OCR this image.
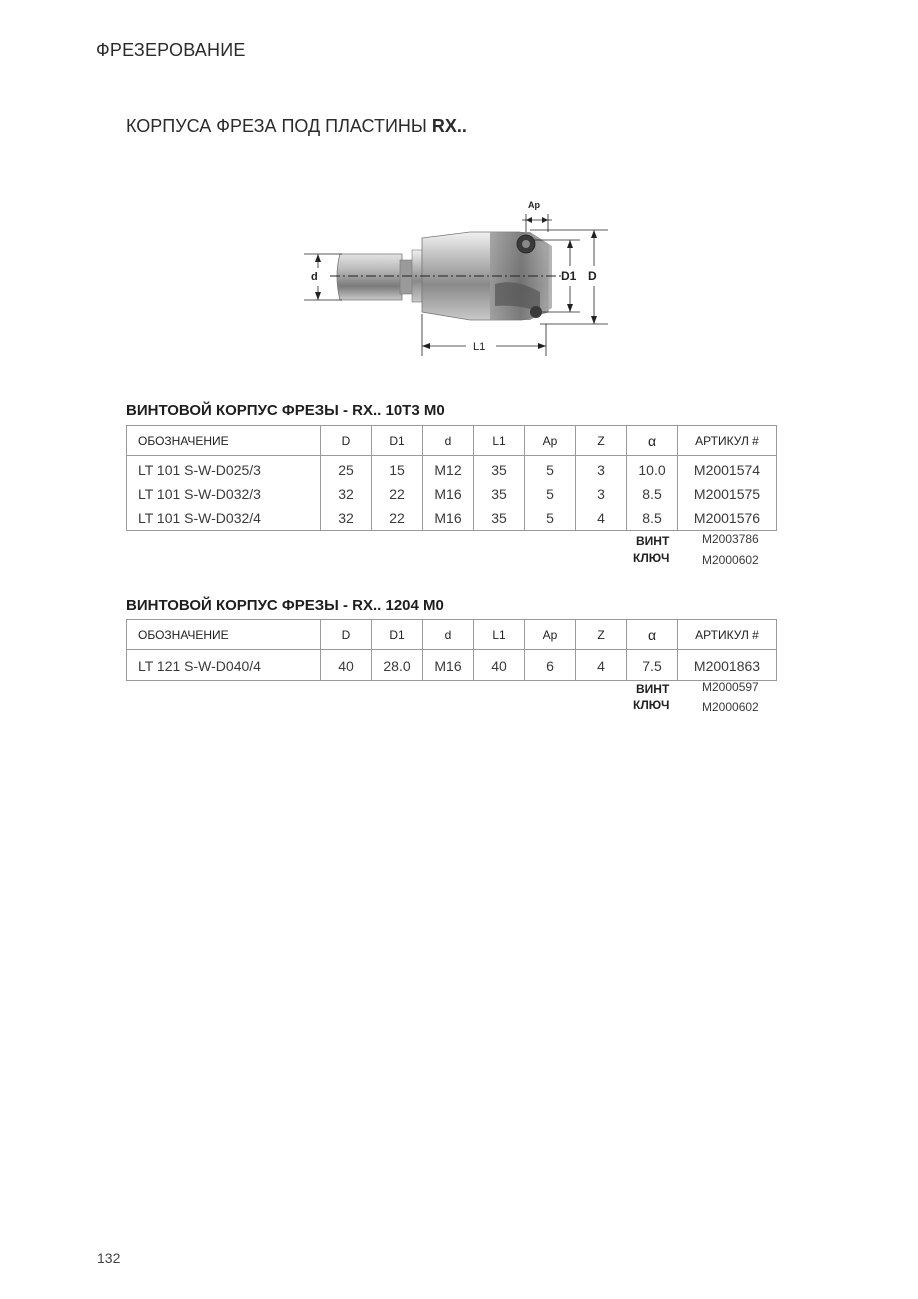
ФРЕЗЕРОВАНИЕ
КОРПУСА ФРЕЗА ПОД ПЛАСТИНЫ RX..
d
Ap
D1 D
L1
ВИНТОВОЙ КОРПУС ФРЕЗЫ - RX.. 10T3 M0
ОБОЗНАЧЕНИЕ	D	D1	d	L1	Ap	Z	α	АРТИКУЛ #
LT 101 S-W-D025/3	25	15	M12	35	5	3	10.0	M2001574
LT 101 S-W-D032/3	32	22	M16	35	5	3	8.5	M2001575
LT 101 S-W-D032/4	32	22	M16	35	5	4	8.5	M2001576
ВИНТ	M2003786
КЛЮЧ	M2000602
ВИНТОВОЙ КОРПУС ФРЕЗЫ - RX.. 1204 M0
ОБОЗНАЧЕНИЕ	D	D1	d	L1	Ap	Z	α	АРТИКУЛ #
LT 121 S-W-D040/4	40	28.0	M16	40	6	4	7.5	M2001863
ВИНТ	M2000597
КЛЮЧ	M2000602
132
